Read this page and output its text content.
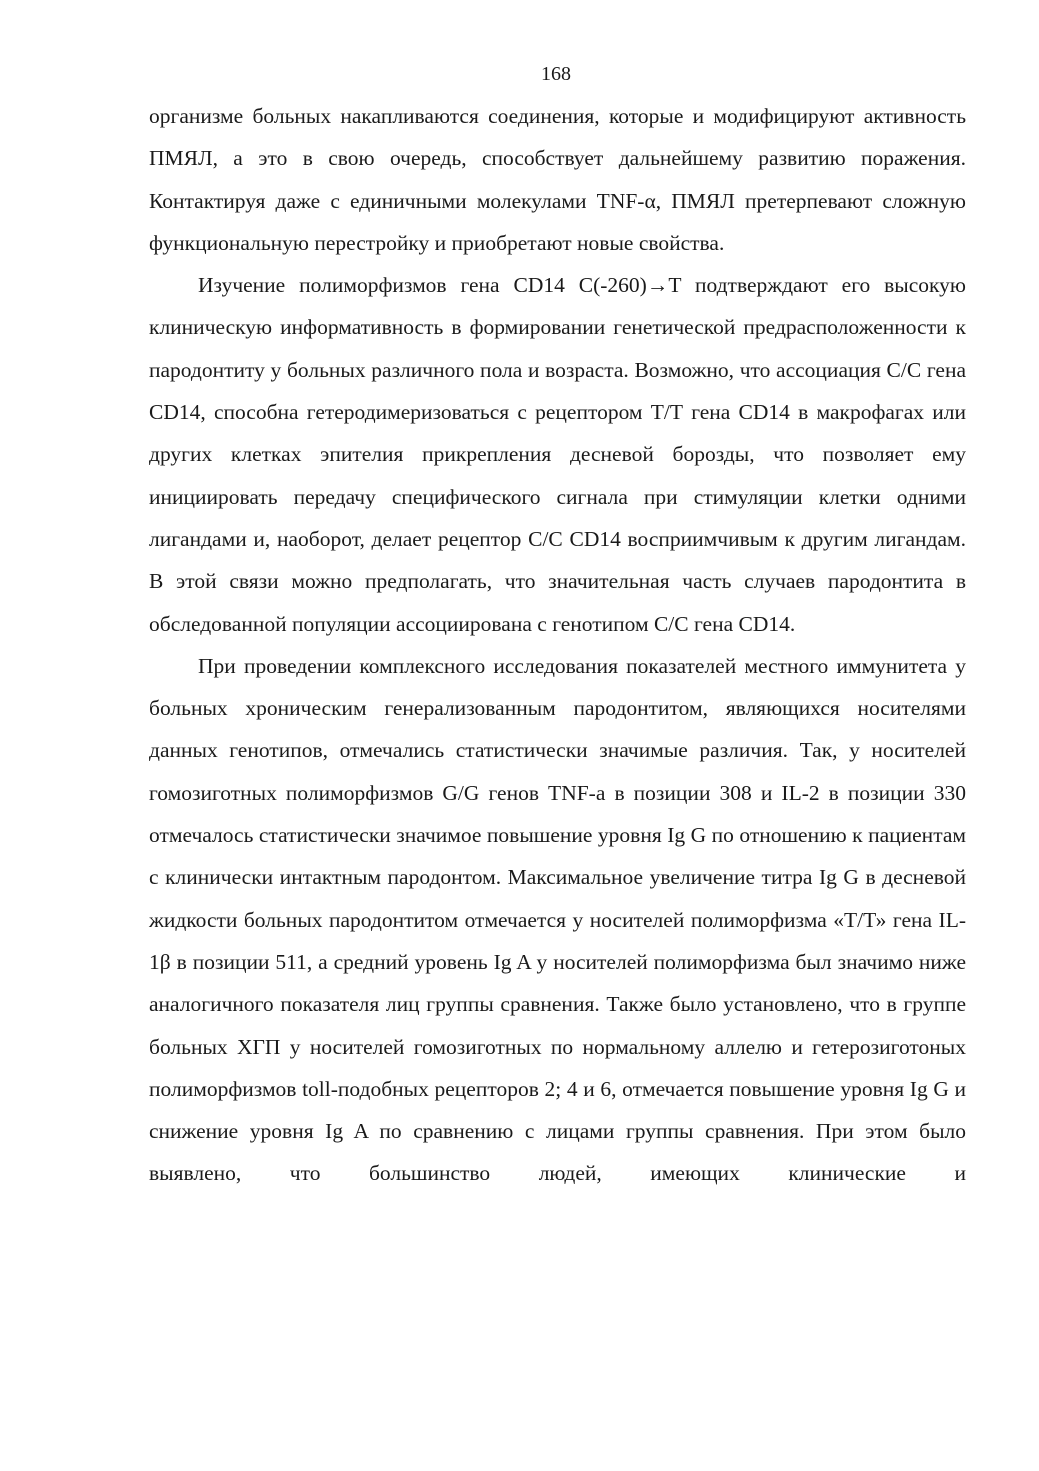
168

организме больных накапливаются соединения, которые и модифицируют активность ПМЯЛ, а это в свою очередь, способствует дальнейшему развитию поражения. Контактируя даже с единичными молекулами TNF-α, ПМЯЛ претерпевают сложную функциональную перестройку и приобретают новые свойства.

Изучение полиморфизмов гена CD14 C(-260)→T подтверждают его высокую клиническую информативность в формировании генетической предрасположенности к пародонтиту у больных различного пола и возраста. Возможно, что ассоциация С/С гена CD14, способна гетеродимеризоваться с рецептором Т/Т гена CD14 в макрофагах или других клетках эпителия прикрепления десневой борозды, что позволяет ему инициировать передачу специфического сигнала при стимуляции клетки одними лигандами и, наоборот, делает рецептор С/С CD14 восприимчивым к другим лигандам. В этой связи можно предполагать, что значительная часть случаев пародонтита в обследованной популяции ассоциирована с генотипом С/С гена CD14.

При проведении комплексного исследования показателей местного иммунитета у больных хроническим генерализованным пародонтитом, являющихся носителями данных генотипов, отмечались статистически значимые различия. Так, у носителей гомозиготных полиморфизмов G/G генов TNF-a в позиции 308 и IL-2 в позиции 330 отмечалось статистически значимое повышение уровня Ig G по отношению к пациентам с клинически интактным пародонтом. Максимальное увеличение титра Ig G в десневой жидкости больных пародонтитом отмечается у носителей полиморфизма «Т/Т» гена IL-1β в позиции 511, а средний уровень Ig A у носителей полиморфизма был значимо ниже аналогичного показателя лиц группы сравнения. Также было установлено, что в группе больных ХГП у носителей гомозиготных по нормальному аллелю и гетерозиготоных полиморфизмов toll-подобных рецепторов 2; 4 и 6, отмечается повышение уровня Ig G и снижение уровня Ig A по сравнению с лицами группы сравнения. При этом было выявлено, что большинство людей, имеющих клинические и
